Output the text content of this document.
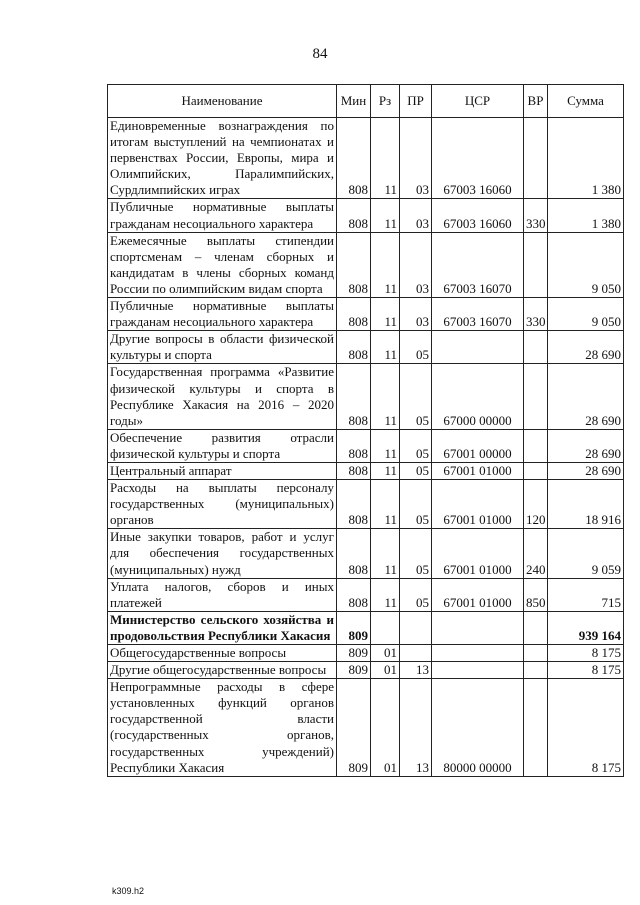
84
Наименование	Мин	Рз	ПР	ЦСР	ВР	Сумма
Единовременные вознаграждения по итогам выступлений на чемпионатах и первенствах России, Европы, мира и Олимпийских, Паралимпийских, Сурдлимпийских игрaх	808	11	03	67003 16060		1 380
Публичные нормативные выплаты гражданам несоциального характера	808	11	03	67003 16060	330	1 380
Ежемесячные выплаты стипендии спортсменам – членам сборных и кандидатам в члены сборных команд России по олимпийским видам спорта	808	11	03	67003 16070		9 050
Публичные нормативные выплаты гражданам несоциального характера	808	11	03	67003 16070	330	9 050
Другие вопросы в области физической культуры и спорта	808	11	05			28 690
Государственная программа «Развитие физической культуры и спорта в Республике Хакасия на 2016 – 2020 годы»	808	11	05	67000 00000		28 690
Обеспечение развития отрасли физической культуры и спорта	808	11	05	67001 00000		28 690
Центральный аппарат	808	11	05	67001 01000		28 690
Расходы на выплаты персоналу государственных (муниципальных) органов	808	11	05	67001 01000	120	18 916
Иные закупки товаров, работ и услуг для обеспечения государственных (муниципальных) нужд	808	11	05	67001 01000	240	9 059
Уплата налогов, сборов и иных платежей	808	11	05	67001 01000	850	715
Министерство сельского хозяйства и продовольствия Республики Хакасия	809					939 164
Общегосударственные вопросы	809	01				8 175
Другие общегосударственные вопросы	809	01	13			8 175
Непрограммные расходы в сфере установленных функций органов государственной власти (государственных органов, государственных учреждений) Республики Хакасия	809	01	13	80000 00000		8 175
k309.h2
